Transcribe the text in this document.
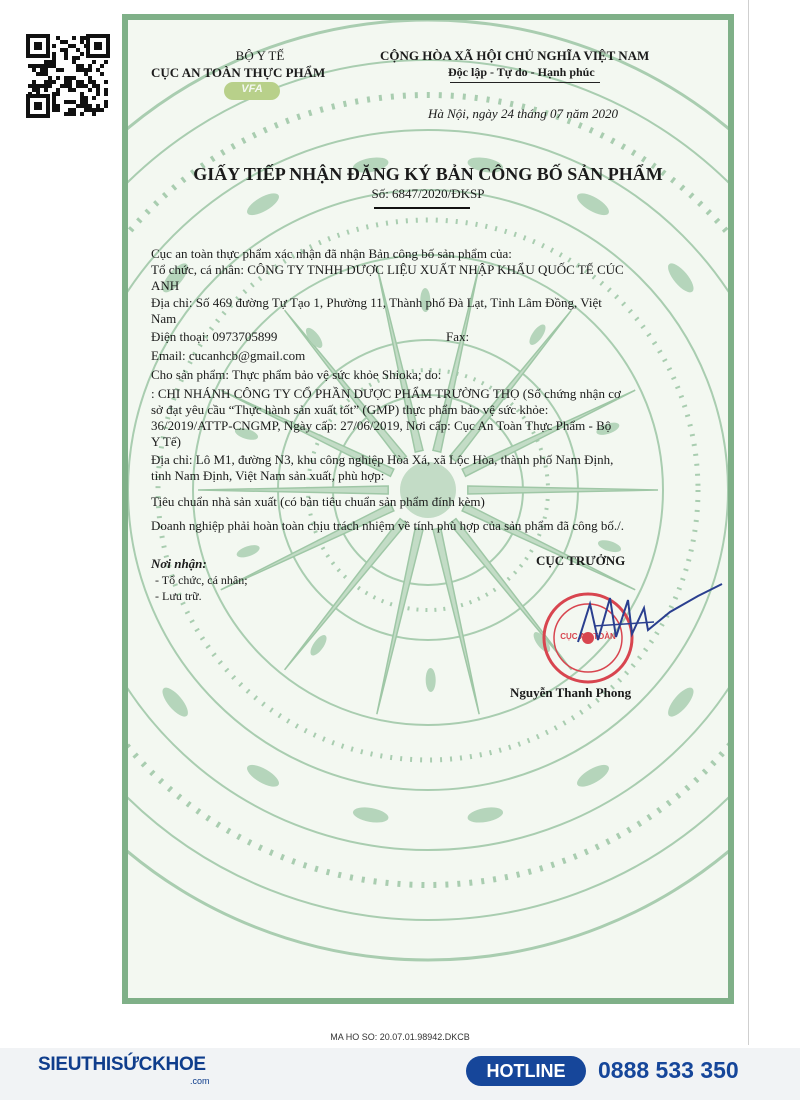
BỘ Y TẾ
CỤC AN TOÀN THỰC PHẨM
VFA
CỘNG HÒA XÃ HỘI CHỦ NGHĨA VIỆT NAM
Độc lập - Tự do - Hạnh phúc
Hà Nội, ngày 24 tháng 07 năm 2020
GIẤY TIẾP NHẬN ĐĂNG KÝ BẢN CÔNG BỐ SẢN PHẨM
Số: 6847/2020/ĐKSP
Cục an toàn thực phẩm xác nhận đã nhận Bản công bố sản phẩm của:
Tổ chức, cá nhân: CÔNG TY TNHH DƯỢC LIỆU XUẤT NHẬP KHẨU QUỐC TẾ CÚC
ANH
Địa chỉ: Số 469 đường Tự Tạo 1, Phường 11, Thành phố Đà Lạt, Tỉnh Lâm Đồng, Việt
Nam
Điện thoại: 0973705899	Fax:
Email: cucanhcb@gmail.com
Cho sản phẩm: Thực phẩm bảo vệ sức khỏe Shioka; do:
: CHI NHÁNH CÔNG TY CỔ PHẦN DƯỢC PHẨM TRƯỜNG THỌ (Số chứng nhận cơ
sở đạt yêu cầu “Thực hành sản xuất tốt” (GMP) thực phẩm bảo vệ sức khỏe:
36/2019/ATTP-CNGMP, Ngày cấp: 27/06/2019, Nơi cấp: Cục An Toàn Thực Phẩm - Bộ
Y Tế)
Địa chỉ: Lô M1, đường N3, khu công nghiệp Hòa Xá, xã Lộc Hòa, thành phố Nam Định,
tỉnh Nam Định, Việt Nam sản xuất, phù hợp:
Tiêu chuẩn nhà sản xuất (có bản tiêu chuẩn sản phẩm đính kèm)
Doanh nghiệp phải hoàn toàn chịu trách nhiệm về tính phù hợp của sản phẩm đã công bố./.
Nơi nhận:
- Tổ chức, cá nhân;
- Lưu trữ.
CỤC TRƯỞNG
CỤC AN TOÀN
Nguyễn Thanh Phong
MA HO SO: 20.07.01.98942.DKCB
SIEUTHISỨCKHOE
.com	HOTLINE	0888 533 350
